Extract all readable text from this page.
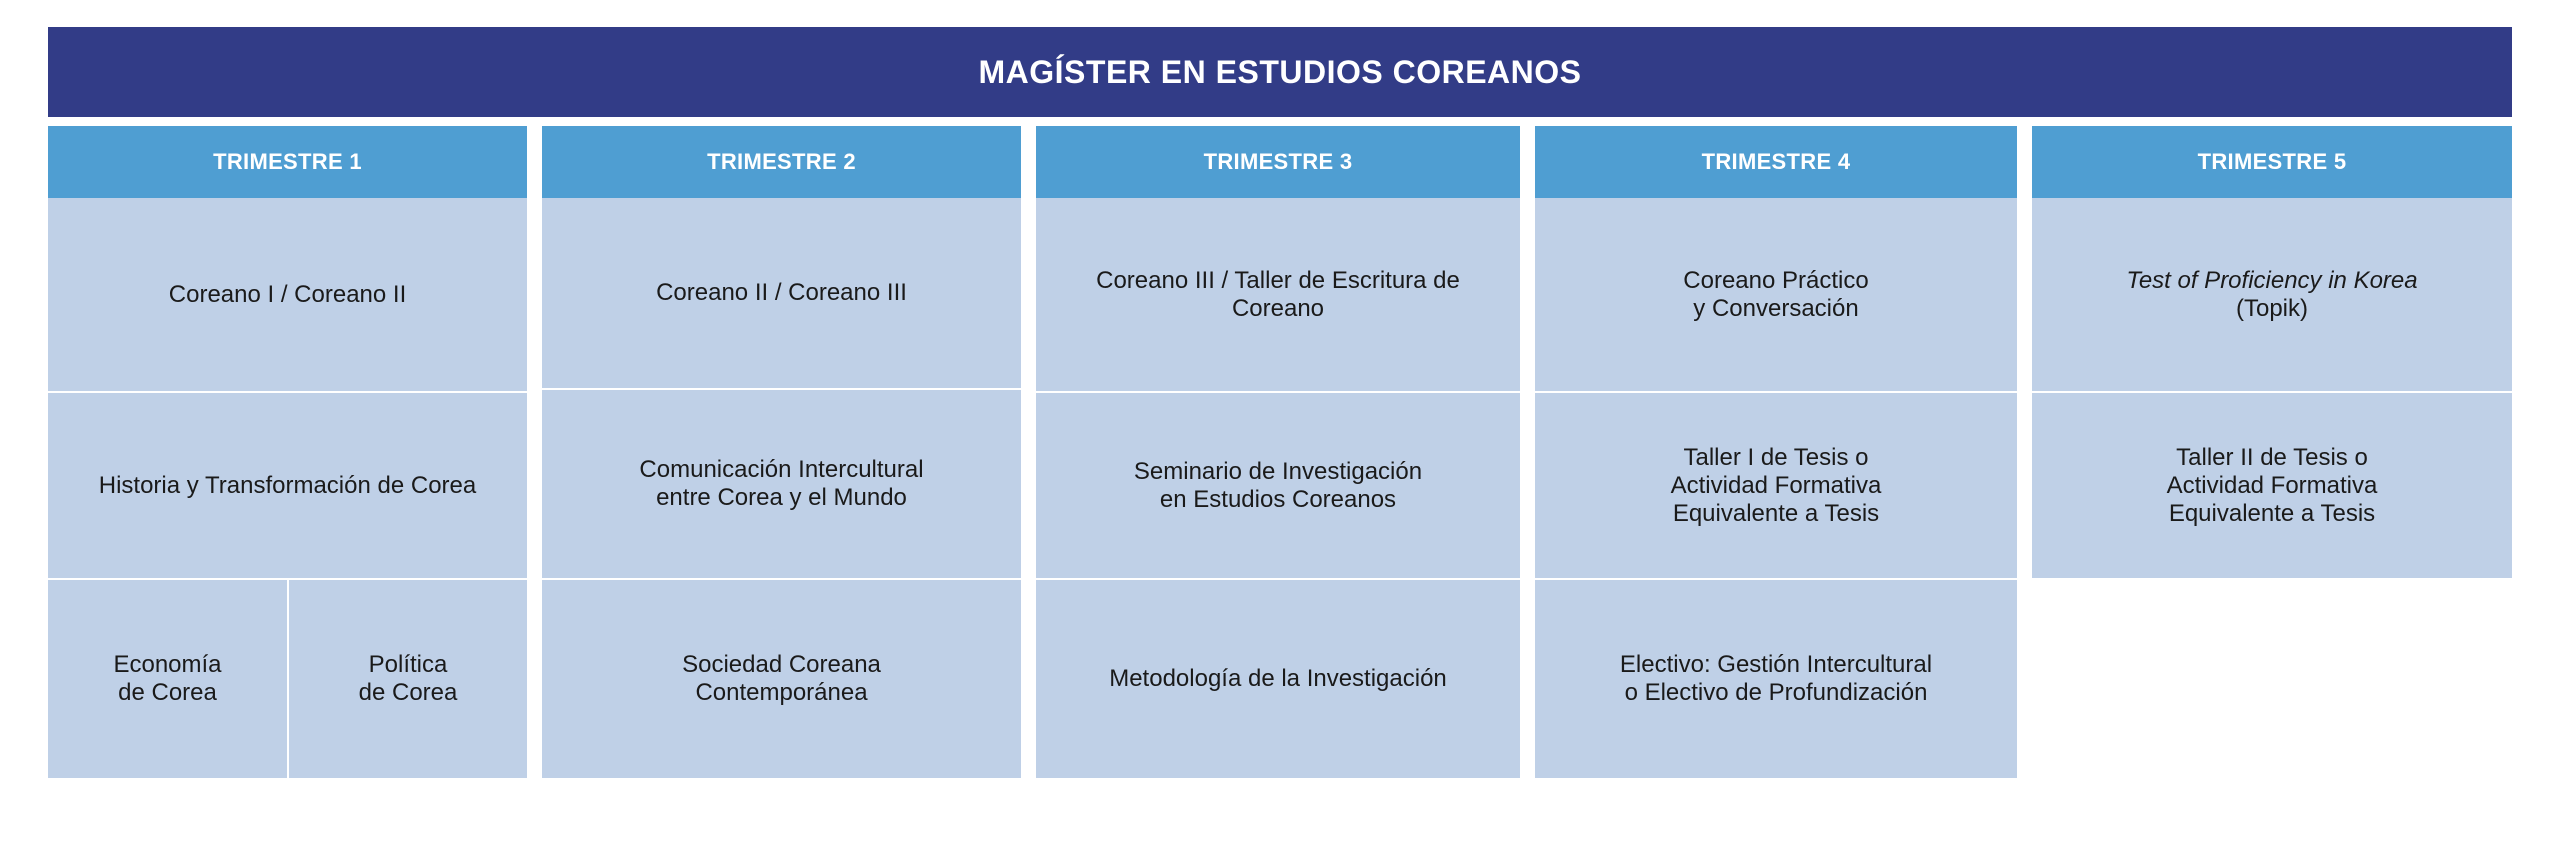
MAGÍSTER EN ESTUDIOS COREANOS
TRIMESTRE 1
Coreano I / Coreano II
Historia y Transformación de Corea
Economía
de Corea
Política
de Corea
TRIMESTRE 2
Coreano II / Coreano III
Comunicación Intercultural
entre Corea y el Mundo
Sociedad Coreana
Contemporánea
TRIMESTRE 3
Coreano III / Taller de Escritura de
Coreano
Seminario de Investigación
en Estudios Coreanos
Metodología de la Investigación
TRIMESTRE 4
Coreano Práctico
y Conversación
Taller I de Tesis o
Actividad Formativa
Equivalente a Tesis
Electivo: Gestión Intercultural
o Electivo de Profundización
TRIMESTRE 5
Test of Proficiency in Korea
(Topik)
Taller II de Tesis o
Actividad Formativa
Equivalente a Tesis
